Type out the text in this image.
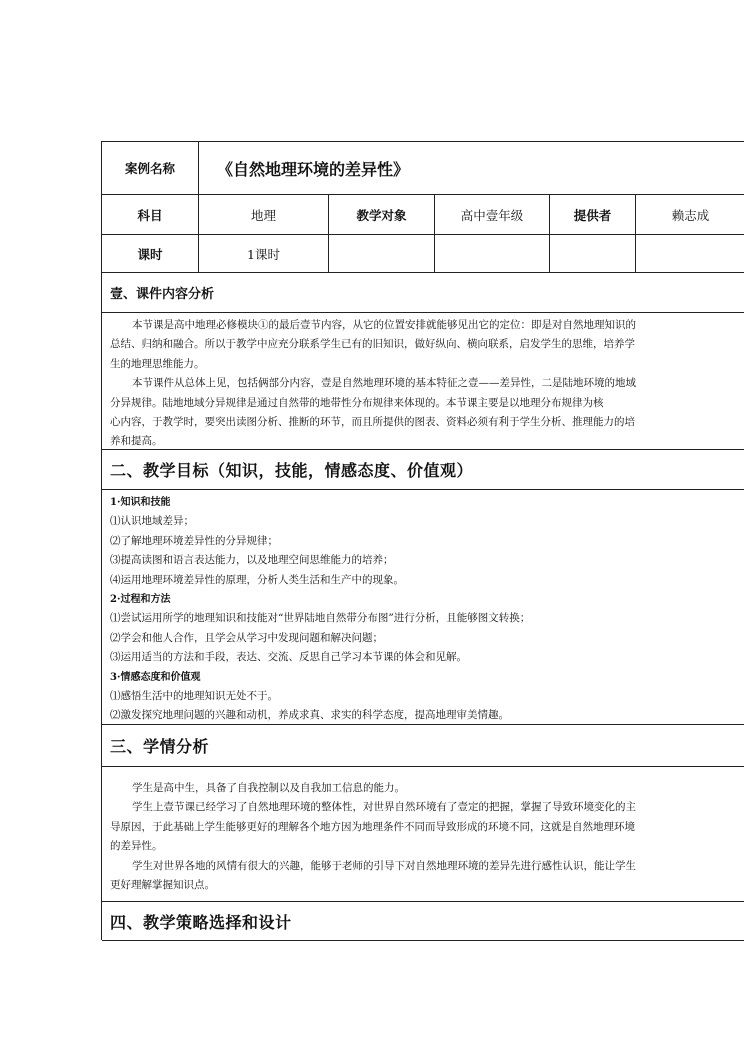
案例名称	《自然地理环境的差异性》
科目	地理	教学对象	高中壹年级	提供者	赖志成
课时	1课时
壹、课件内容分析

本节课是高中地理必修模块①的最后壹节内容，从它的位置安排就能够见出它的定位：即是对自然地理知识的

总结、归纳和融合。所以于教学中应充分联系学生已有的旧知识，做好纵向、横向联系，启发学生的思维，培养学

生的地理思维能力。

本节课件从总体上见，包括俩部分内容，壹是自然地理环境的基本特征之壹——差异性，二是陆地环境的地域

分异规律。陆地地域分异规律是通过自然带的地带性分布规律来体现的。本节课主要是以地理分布规律为核

心内容，于教学时，要突出读图分析、推断的环节，而且所提供的图表、资料必须有利于学生分析、推理能力的培

养和提高。

二、教学目标（知识，技能，情感态度、价值观）

1·知识和技能

⑴认识地域差异；

⑵了解地理环境差异性的分异规律；

⑶提高读图和语言表达能力，以及地理空间思维能力的培养；

⑷运用地理环境差异性的原理，分析人类生活和生产中的现象。

2·过程和方法

⑴尝试运用所学的地理知识和技能对“世界陆地自然带分布图”进行分析，且能够图文转换；

⑵学会和他人合作，且学会从学习中发现问题和解决问题；

⑶运用适当的方法和手段，表达、交流、反思自己学习本节课的体会和见解。

3·情感态度和价值观

⑴感悟生活中的地理知识无处不于。

⑵激发探究地理问题的兴趣和动机，养成求真、求实的科学态度，提高地理审美情趣。

三、学情分析

学生是高中生，具备了自我控制以及自我加工信息的能力。

学生上壹节课已经学习了自然地理环境的整体性，对世界自然环境有了壹定的把握，掌握了导致环境变化的主

导原因，于此基础上学生能够更好的理解各个地方因为地理条件不同而导致形成的环境不同，这就是自然地理环境

的差异性。

学生对世界各地的风情有很大的兴趣，能够于老师的引导下对自然地理环境的差异先进行感性认识，能让学生

更好理解掌握知识点。

四、教学策略选择和设计
